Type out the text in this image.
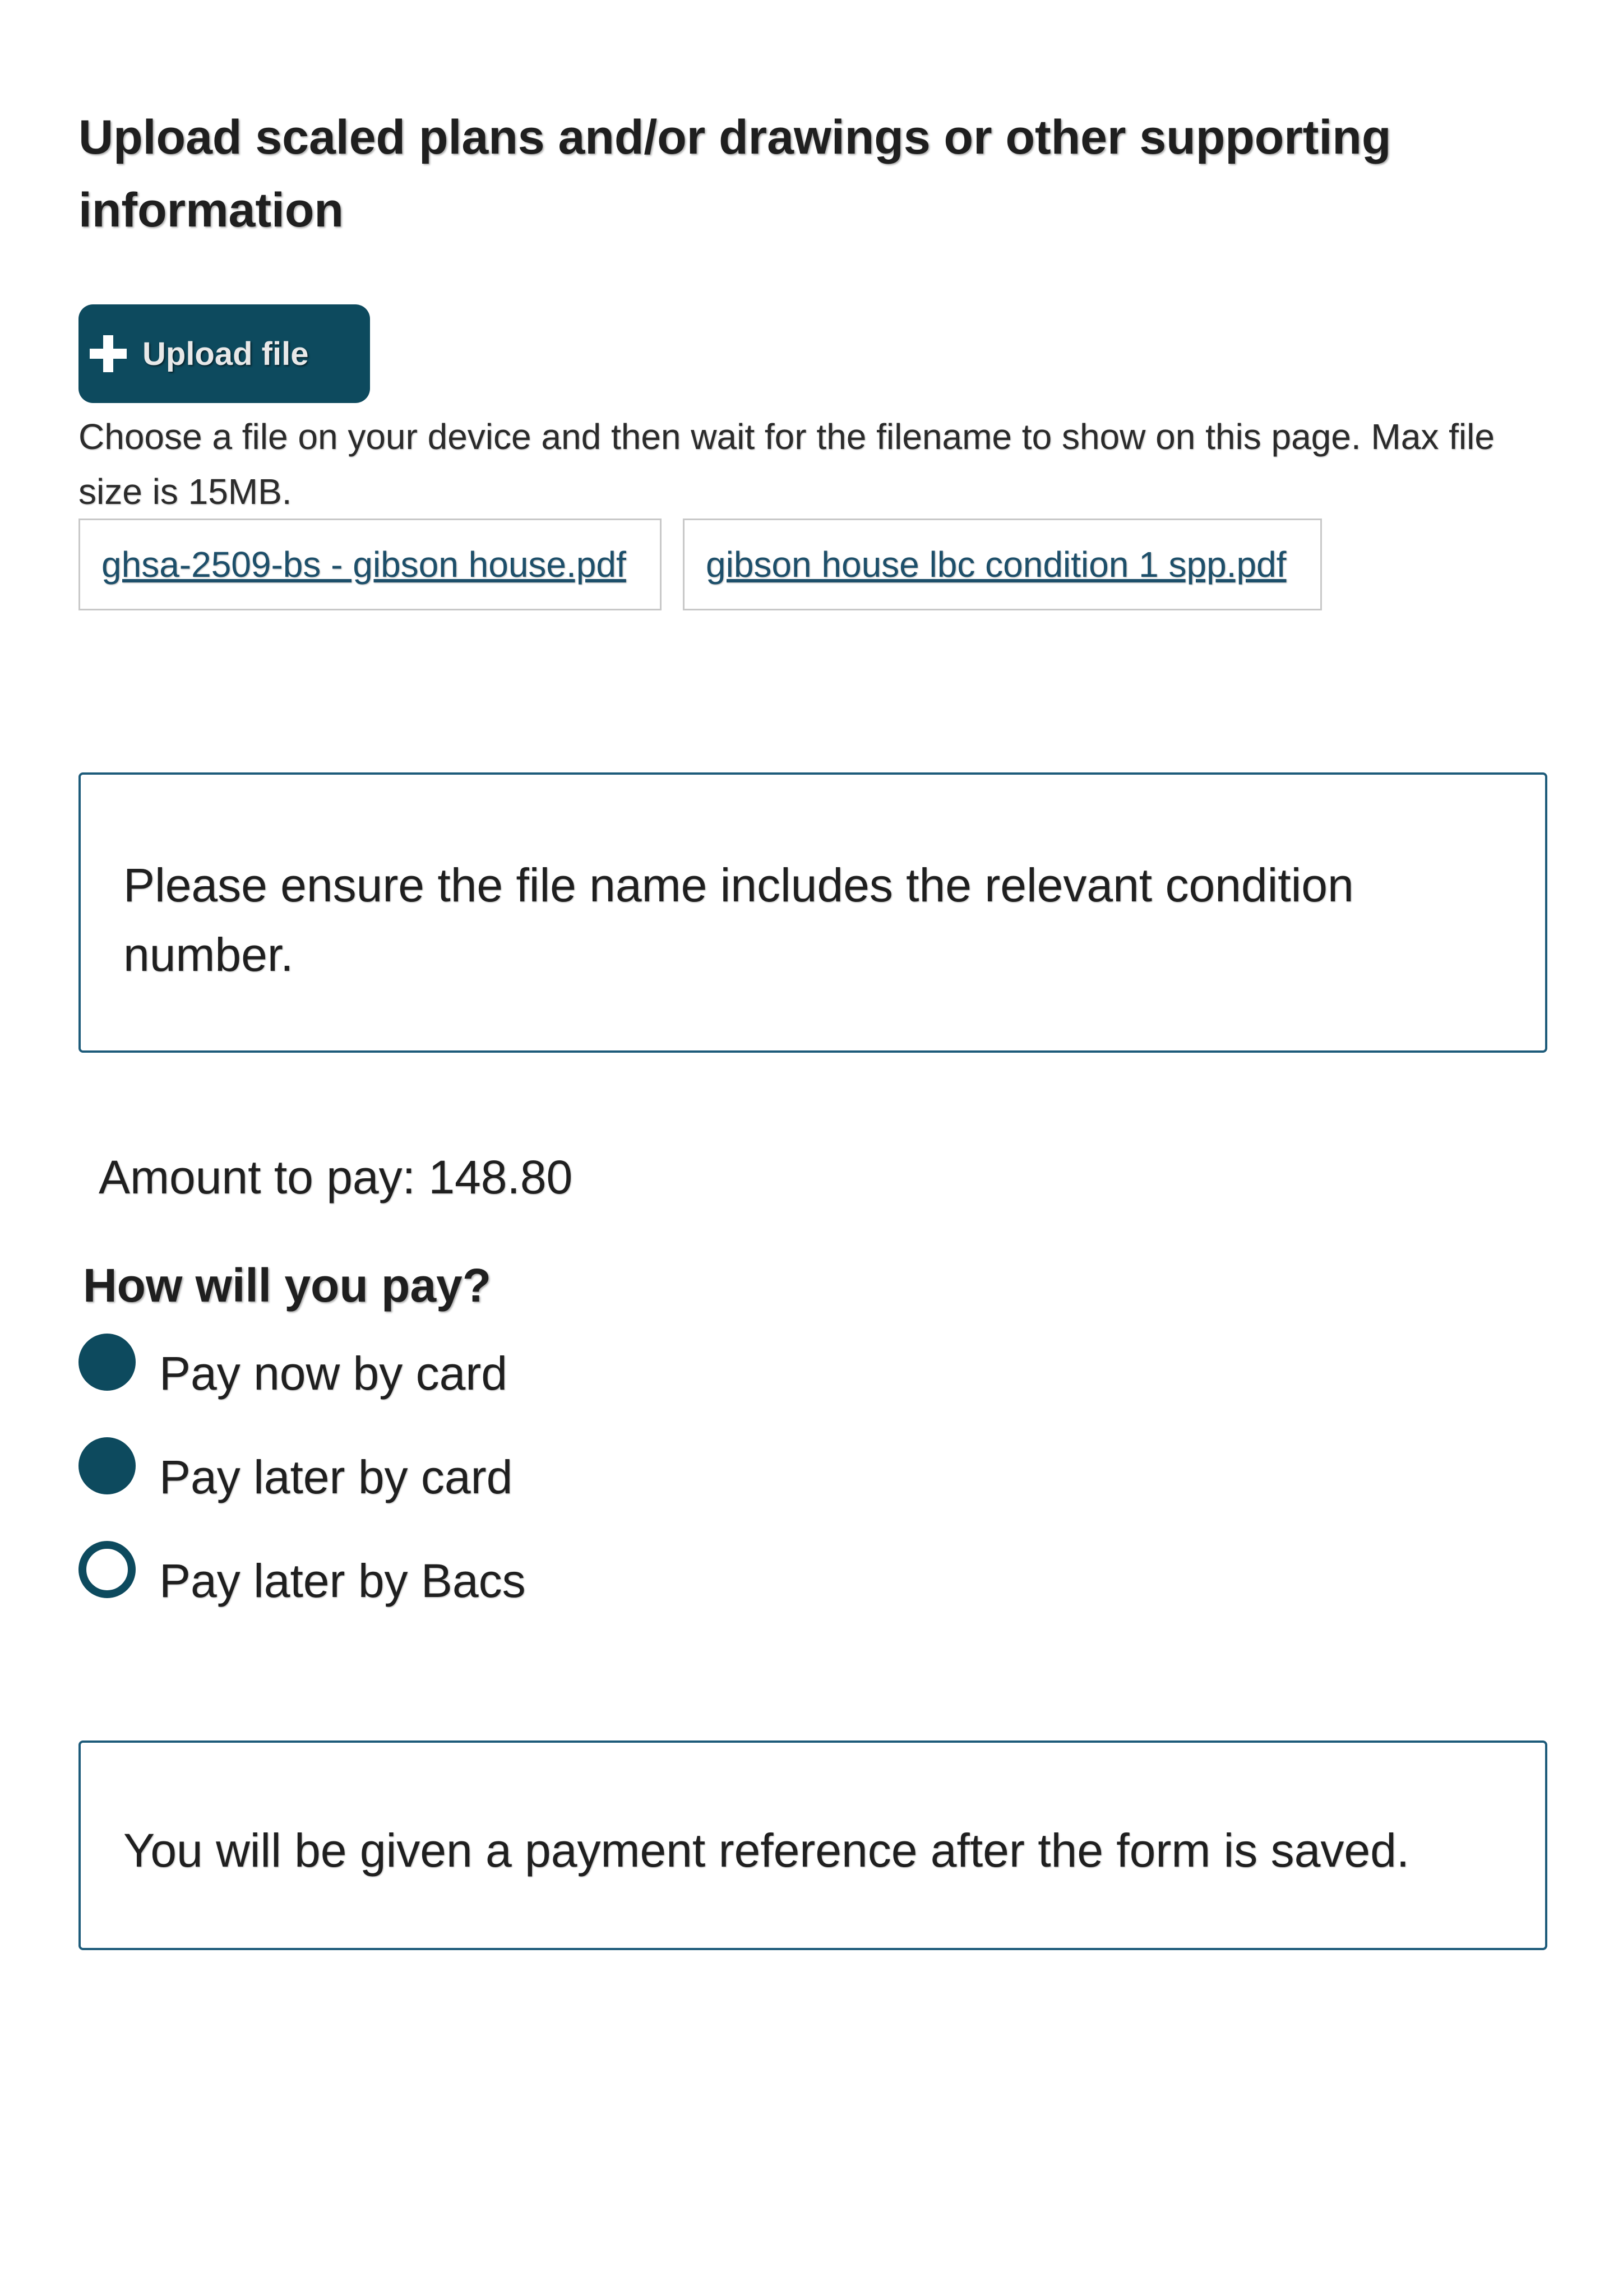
Upload scaled plans and/or drawings or other supporting information
Upload file
Choose a file on your device and then wait for the filename to show on this page. Max file size is 15MB.
ghsa-2509-bs - gibson house.pdf	gibson house lbc condition 1 spp.pdf
Please ensure the file name includes the relevant condition number.
Amount to pay: 148.80
How will you pay?
Pay now by card
Pay later by card
Pay later by Bacs
You will be given a payment reference after the form is saved.
